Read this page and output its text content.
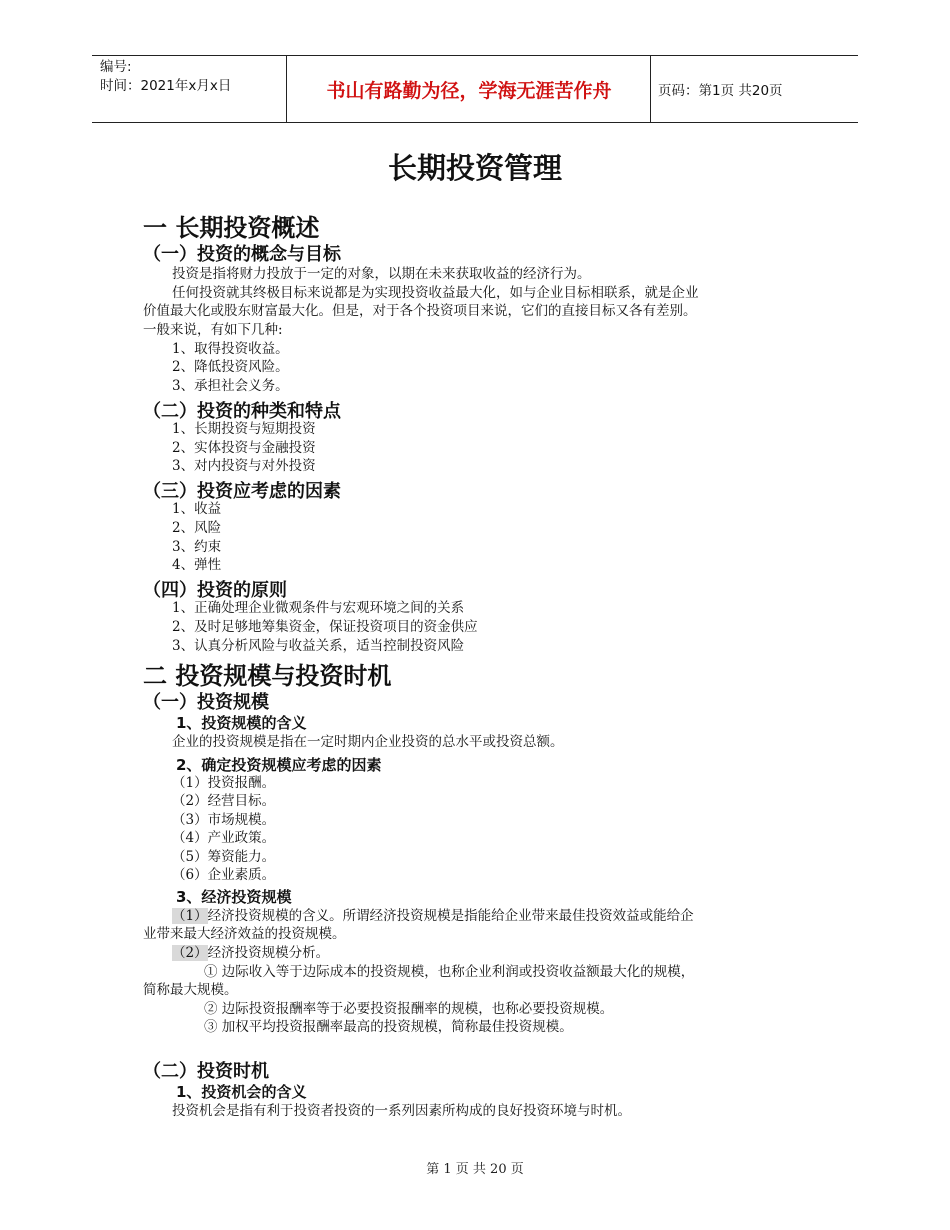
编号:
时间：2021年x月x日	书山有路勤为径，学海无涯苦作舟	页码：第1页 共20页
长期投资管理
一 长期投资概述
（一）投资的概念与目标
投资是指将财力投放于一定的对象，以期在未来获取收益的经济行为。
任何投资就其终极目标来说都是为实现投资收益最大化，如与企业目标相联系，就是企业
价值最大化或股东财富最大化。但是，对于各个投资项目来说，它们的直接目标又各有差别。
一般来说，有如下几种:
1、取得投资收益。
2、降低投资风险。
3、承担社会义务。
（二）投资的种类和特点
1、长期投资与短期投资
2、实体投资与金融投资
3、对内投资与对外投资
（三）投资应考虑的因素
1、收益
2、风险
3、约束
4、弹性
（四）投资的原则
1、正确处理企业微观条件与宏观环境之间的关系
2、及时足够地筹集资金，保证投资项目的资金供应
3、认真分析风险与收益关系，适当控制投资风险
二 投资规模与投资时机
（一）投资规模
1、投资规模的含义
企业的投资规模是指在一定时期内企业投资的总水平或投资总额。
2、确定投资规模应考虑的因素
（1）投资报酬。
（2）经营目标。
（3）市场规模。
（4）产业政策。
（5）筹资能力。
（6）企业素质。
3、经济投资规模
（1）经济投资规模的含义。所谓经济投资规模是指能给企业带来最佳投资效益或能给企
业带来最大经济效益的投资规模。
（2）经济投资规模分析。
① 边际收入等于边际成本的投资规模，也称企业利润或投资收益额最大化的规模，
简称最大规模。
② 边际投资报酬率等于必要投资报酬率的规模，也称必要投资规模。
③ 加权平均投资报酬率最高的投资规模，简称最佳投资规模。
（二）投资时机
1、投资机会的含义
投资机会是指有利于投资者投资的一系列因素所构成的良好投资环境与时机。
第 1 页 共 20 页
